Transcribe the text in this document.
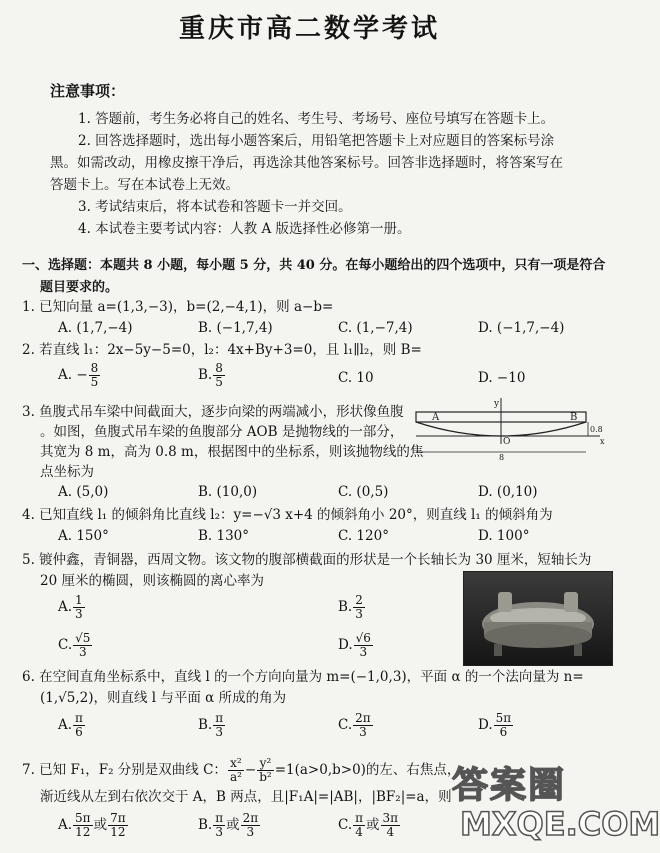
重庆市高二数学考试
注意事项：
1. 答题前，考生务必将自己的姓名、考生号、考场号、座位号填写在答题卡上。
2. 回答选择题时，选出每小题答案后，用铅笔把答题卡上对应题目的答案标号涂
黑。如需改动，用橡皮擦干净后，再选涂其他答案标号。回答非选择题时，将答案写在
答题卡上。写在本试卷上无效。
3. 考试结束后，将本试卷和答题卡一并交回。
4. 本试卷主要考试内容：人教 A 版选择性必修第一册。
一、选择题：本题共 8 小题，每小题 5 分，共 40 分。在每小题给出的四个选项中，只有一项是符合
题目要求的。
1. 已知向量 a=(1,3,−3)，b=(2,−4,1)，则 a−b=
A. (1,7,−4)	B. (−1,7,4)	C. (1,−7,4)	D. (−1,7,−4)
2. 若直线 l₁：2x−5y−5=0，l₂：4x+By+3=0，且 l₁∥l₂，则 B=
A. − $\frac{8}{5}$	B. $\frac{8}{5}$	C. 10	D. −10
3. 鱼腹式吊车梁中间截面大，逐步向梁的两端减小，形状像鱼腹
。如图，鱼腹式吊车梁的鱼腹部分 AOB 是抛物线的一部分，
其宽为 8 m，高为 0.8 m，根据图中的坐标系，则该抛物线的焦
点坐标为
A. (5,0)	B. (10,0)	C. (0,5)	D. (0,10)
y
A	B
O
0.8
x
8
4. 已知直线 l₁ 的倾斜角比直线 l₂：y=−√3 x+4 的倾斜角小 20°，则直线 l₁ 的倾斜角为
A. 150°	B. 130°	C. 120°	D. 100°
5. 镀仲鑫，青铜器，西周文物。该文物的腹部横截面的形状是一个长轴长为 30 厘米，短轴长为
20 厘米的椭圆，则该椭圆的离心率为
A. $\frac{1}{3}$	B. $\frac{2}{3}$
C. $\frac{√5}{3}$	D. $\frac{√6}{3}$
6. 在空间直角坐标系中，直线 l 的一个方向向量为 m=(−1,0,3)，平面 α 的一个法向量为 n=
(1,√5,2)，则直线 l 与平面 α 所成的角为
A. $\frac{\pi}{6}$	B. $\frac{\pi}{3}$	C. $\frac{2\pi}{3}$	D. $\frac{5\pi}{6}$
7. 已知 F₁，F₂ 分别是双曲线 C： $\frac{\text{x²}}{\text{a²}} - \frac{\text{y²}}{\text{b²}} =1(a>0,b>0)$的左、右焦点，
渐近线从左到右依次交于 A，B 两点，且|F₁A|=|AB|，|BF₂|=a，则
A. $\frac{5\pi}{12}$ 或 $\frac{7\pi}{12}$	B. $\frac{\pi}{3}$ 或 $\frac{2\pi}{3}$	C. $\frac{\pi}{4}$ 或 $\frac{3\pi}{4}$
答案圈
MXQE.COM
